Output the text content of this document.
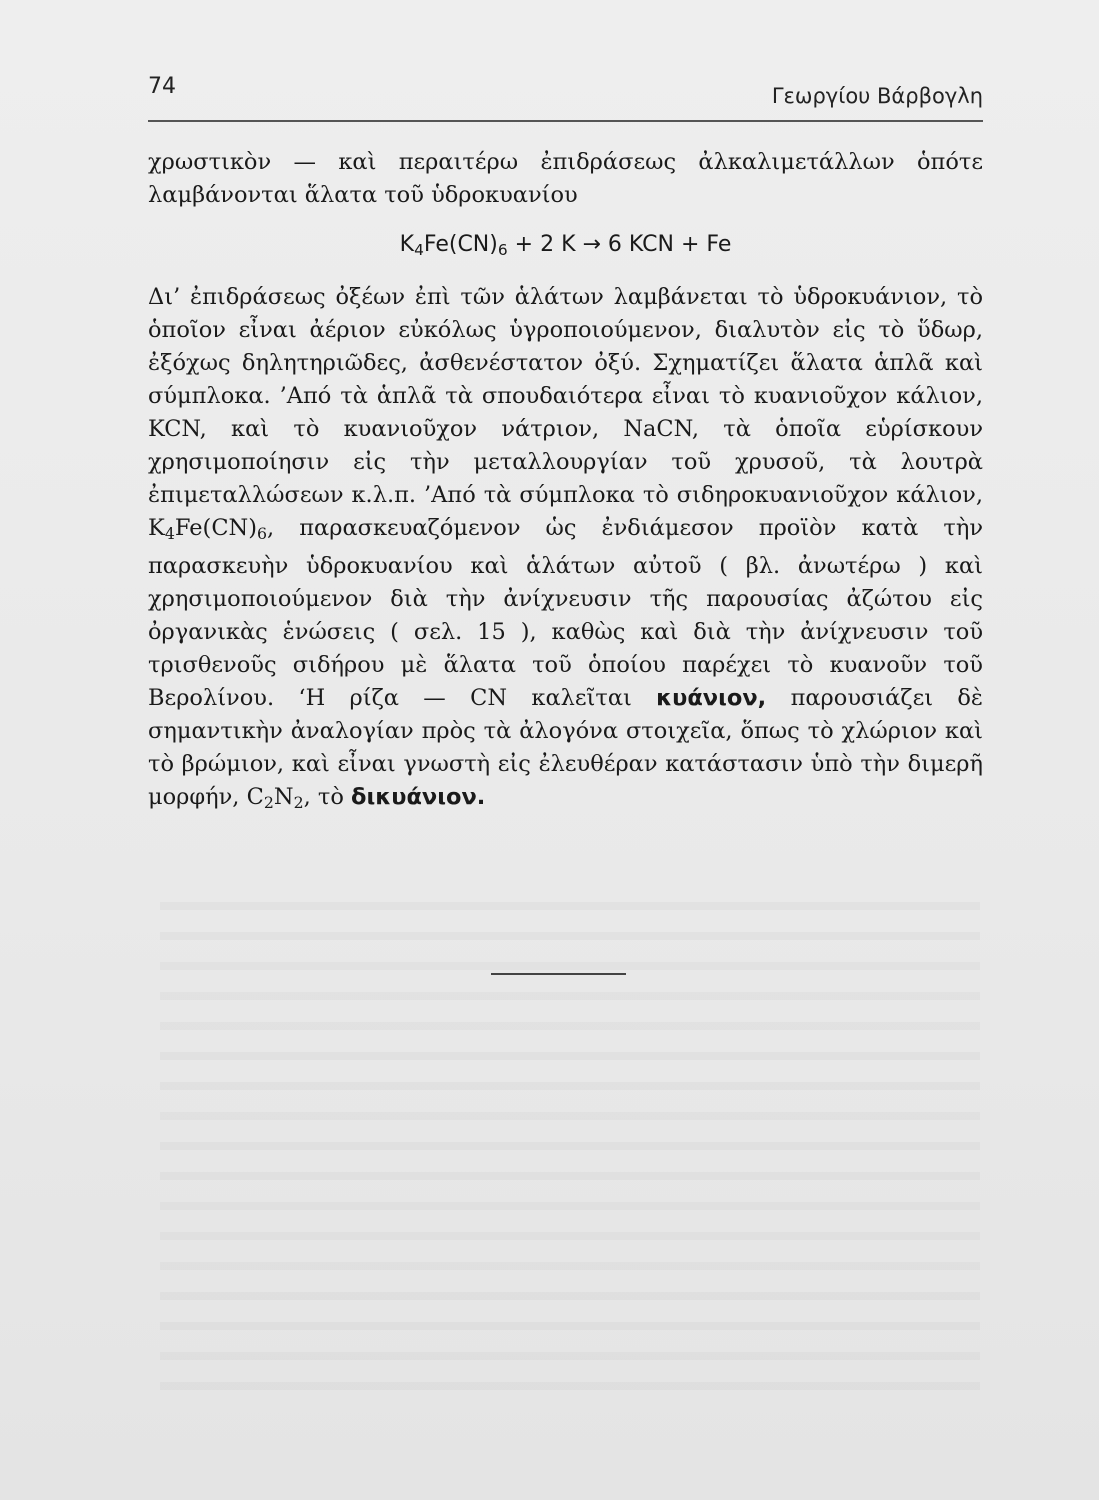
74	Γεωργίου Βάρβογλη

χρωστικὸν — καὶ περαιτέρω ἐπιδράσεως ἀλκαλιμετάλλων ὁπότε λαμβάνονται ἅλατα τοῦ ὑδροκυανίου

$K_4Fe(CN)_6 + 2$ K → 6 KCN + Fe

Δι’ ἐπιδράσεως ὀξέων ἐπὶ τῶν ἁλάτων λαμβάνεται τὸ ὑδροκυάνιον, τὸ ὁποῖον εἶναι ἀέριον εὐκόλως ὑγροποιούμενον, διαλυτὸν εἰς τὸ ὕδωρ, ἐξόχως δηλητηριῶδες, ἀσθενέστατον ὀξύ. Σχηματίζει ἅλατα ἁπλᾶ καὶ σύμπλοκα. ’Από τὰ ἁπλᾶ τὰ σπουδαιότερα εἶναι τὸ κυανιοῦχον κάλιον, KCN, καὶ τὸ κυανιοῦχον νάτριον, NaCN, τὰ ὁποῖα εὑρίσκουν χρησιμοποίησιν εἰς τὴν μεταλλουργίαν τοῦ χρυσοῦ, τὰ λουτρὰ ἐπιμεταλλώσεων κ.λ.π. ’Από τὰ σύμπλοκα τὸ σιδηροκυανιοῦχον κάλιον, $K_4Fe(CN)_6$, παρασκευαζόμενον ὡς ἐνδιάμεσον προϊὸν κατὰ τὴν παρασκευὴν ὑδροκυανίου καὶ ἁλάτων αὐτοῦ ( βλ. ἀνωτέρω ) καὶ χρησιμοποιούμενον διὰ τὴν ἀνίχνευσιν τῆς παρουσίας ἀζώτου εἰς ὀργανικὰς ἑνώσεις ( σελ. 15 ), καθὼς καὶ διὰ τὴν ἀνίχνευσιν τοῦ τρισθενοῦς σιδήρου μὲ ἅλατα τοῦ ὁποίου παρέχει τὸ κυανοῦν τοῦ Βερολίνου. ‘Η ρίζα — CN καλεῖται κυάνιον, παρουσιάζει δὲ σημαντικὴν ἀναλογίαν πρὸς τὰ ἀλογόνα στοιχεῖα, ὅπως τὸ χλώριον καὶ τὸ βρώμιον, καὶ εἶναι γνωστὴ εἰς ἐλευθέραν κατάστασιν ὑπὸ τὴν διμερῆ μορφήν, $C_2N_2$, τὸ δικυάνιον.
